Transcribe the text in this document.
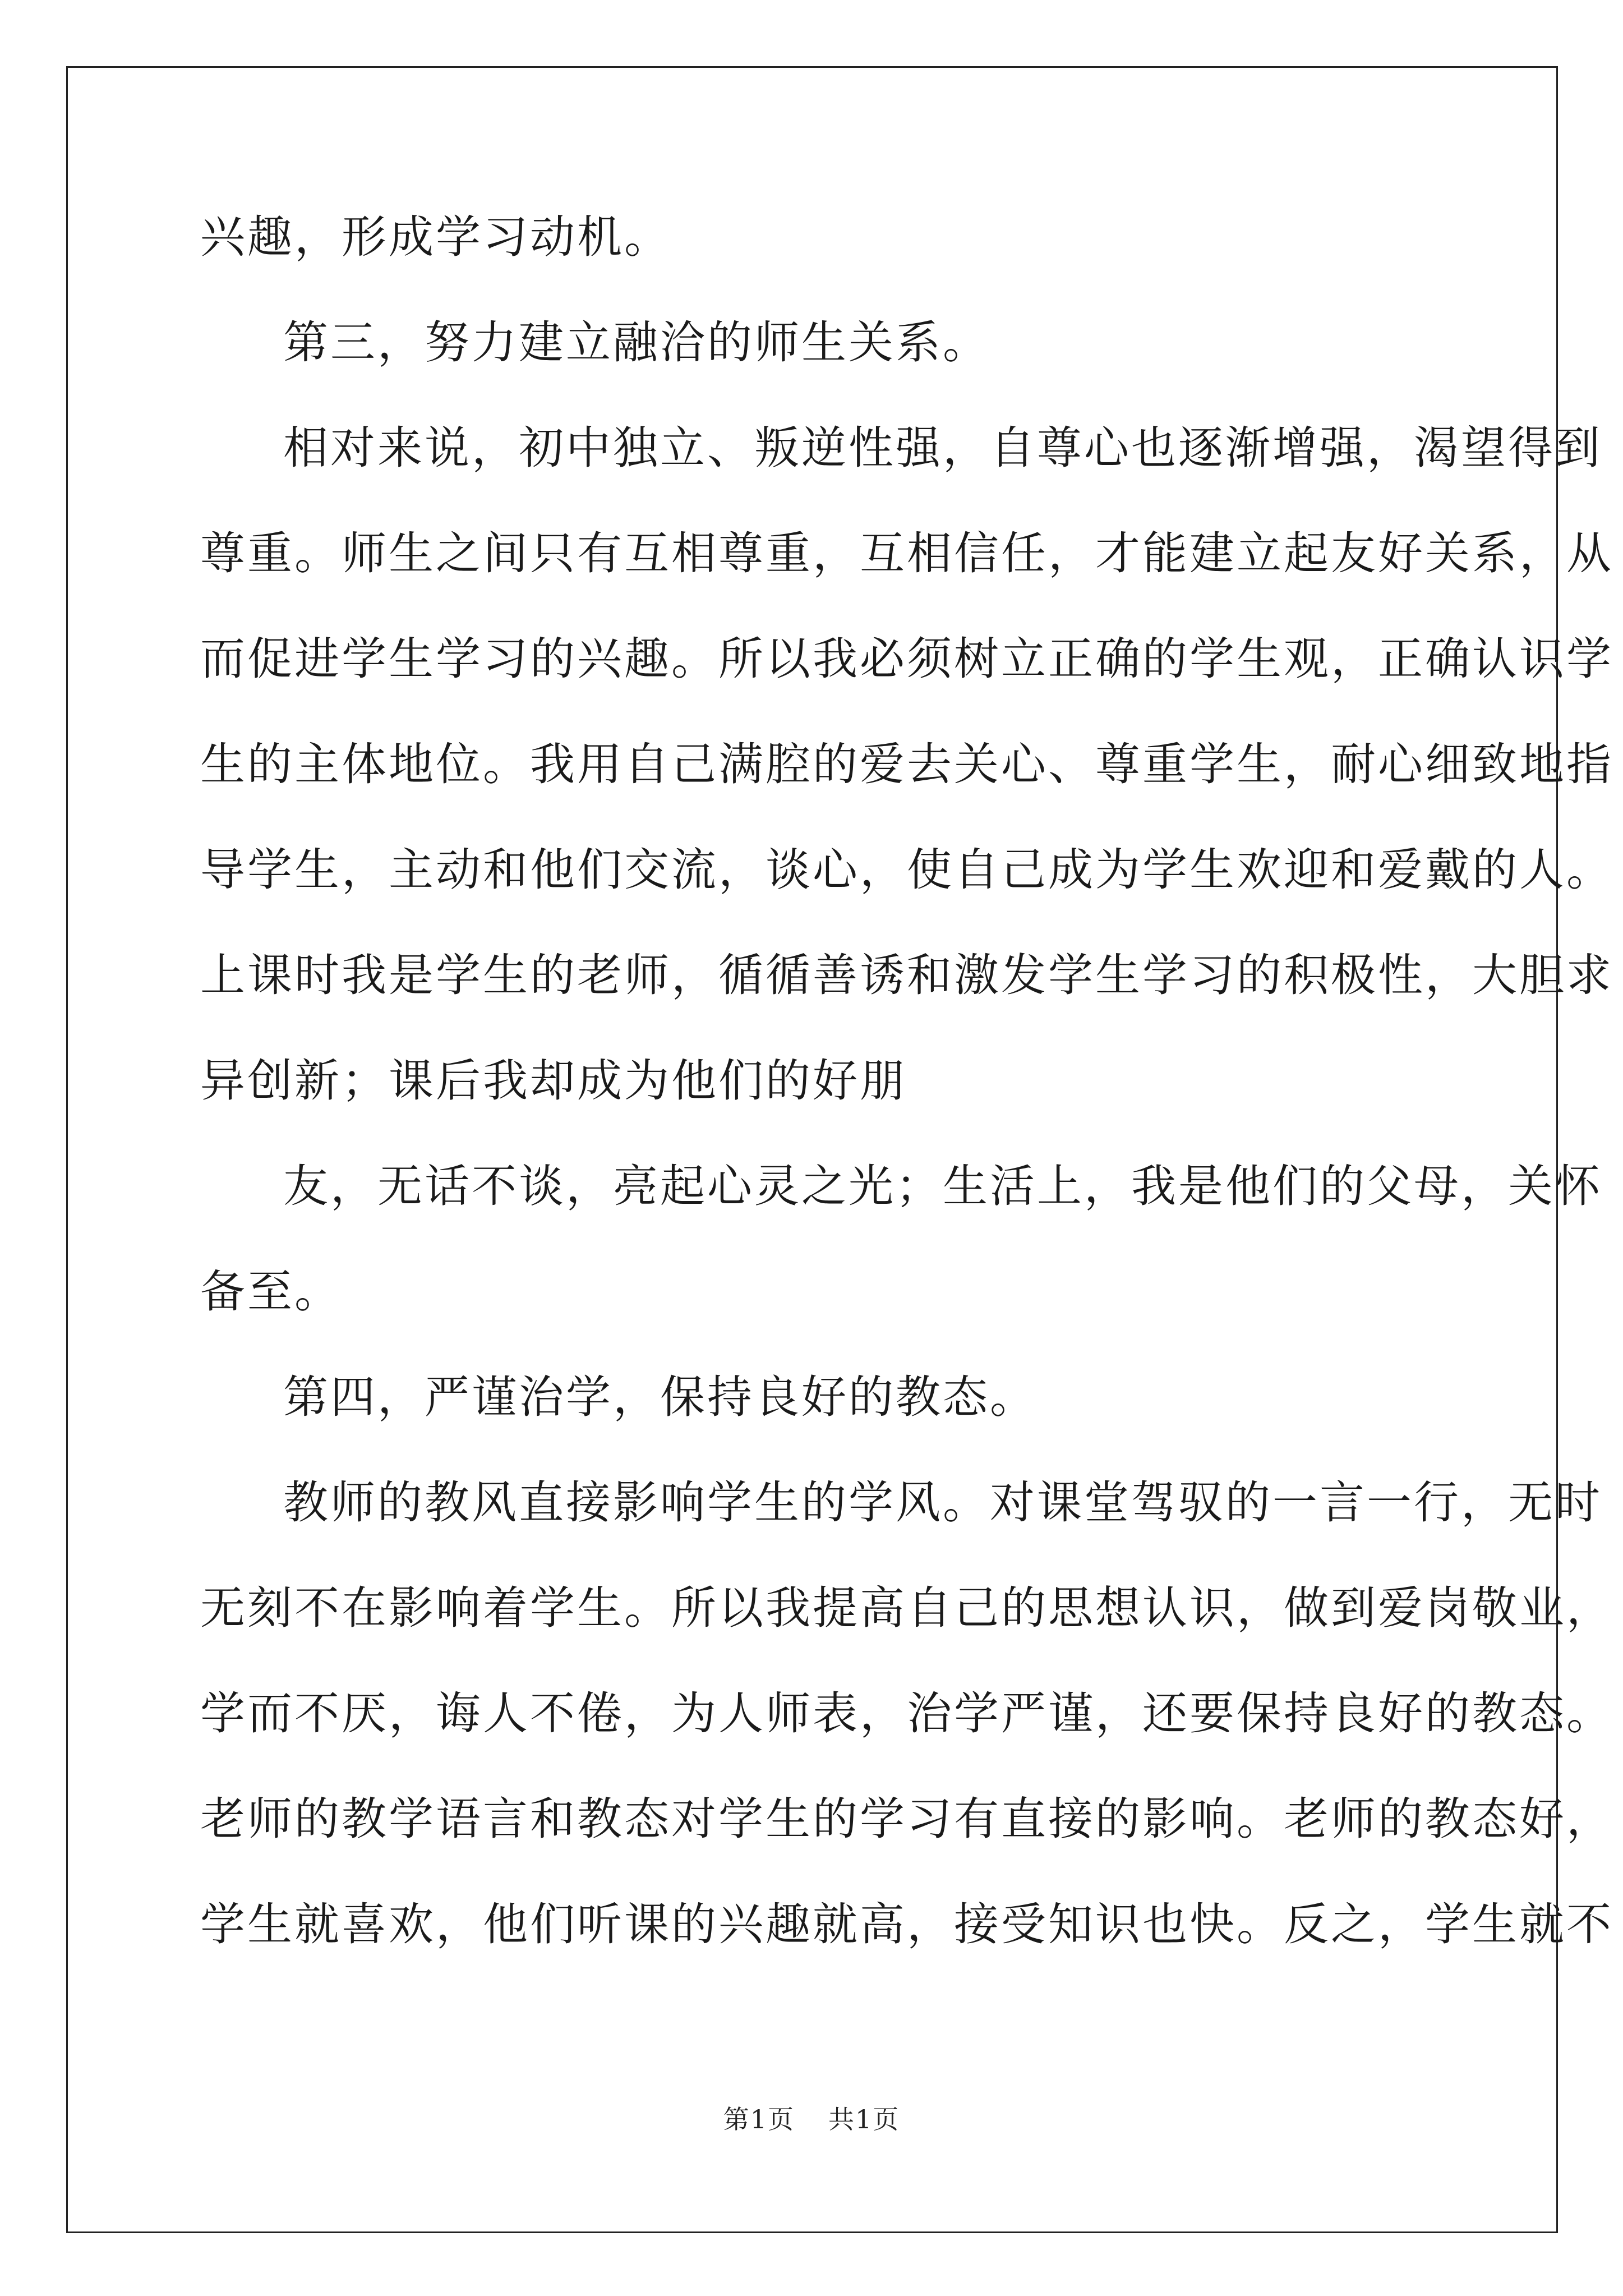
兴趣，形成学习动机。
第三，努力建立融洽的师生关系。
相对来说，初中独立、叛逆性强，自尊心也逐渐增强，渴望得到
尊重。师生之间只有互相尊重，互相信任，才能建立起友好关系，从
而促进学生学习的兴趣。所以我必须树立正确的学生观，正确认识学
生的主体地位。我用自己满腔的爱去关心、尊重学生，耐心细致地指
导学生，主动和他们交流，谈心，使自己成为学生欢迎和爱戴的人。
上课时我是学生的老师，循循善诱和激发学生学习的积极性，大胆求
异创新；课后我却成为他们的好朋
友，无话不谈，亮起心灵之光；生活上，我是他们的父母，关怀
备至。
第四，严谨治学，保持良好的教态。
教师的教风直接影响学生的学风。对课堂驾驭的一言一行，无时
无刻不在影响着学生。所以我提高自己的思想认识，做到爱岗敬业，
学而不厌，诲人不倦，为人师表，治学严谨，还要保持良好的教态。
老师的教学语言和教态对学生的学习有直接的影响。老师的教态好，
学生就喜欢，他们听课的兴趣就高，接受知识也快。反之，学生就不
第1页 共1页
